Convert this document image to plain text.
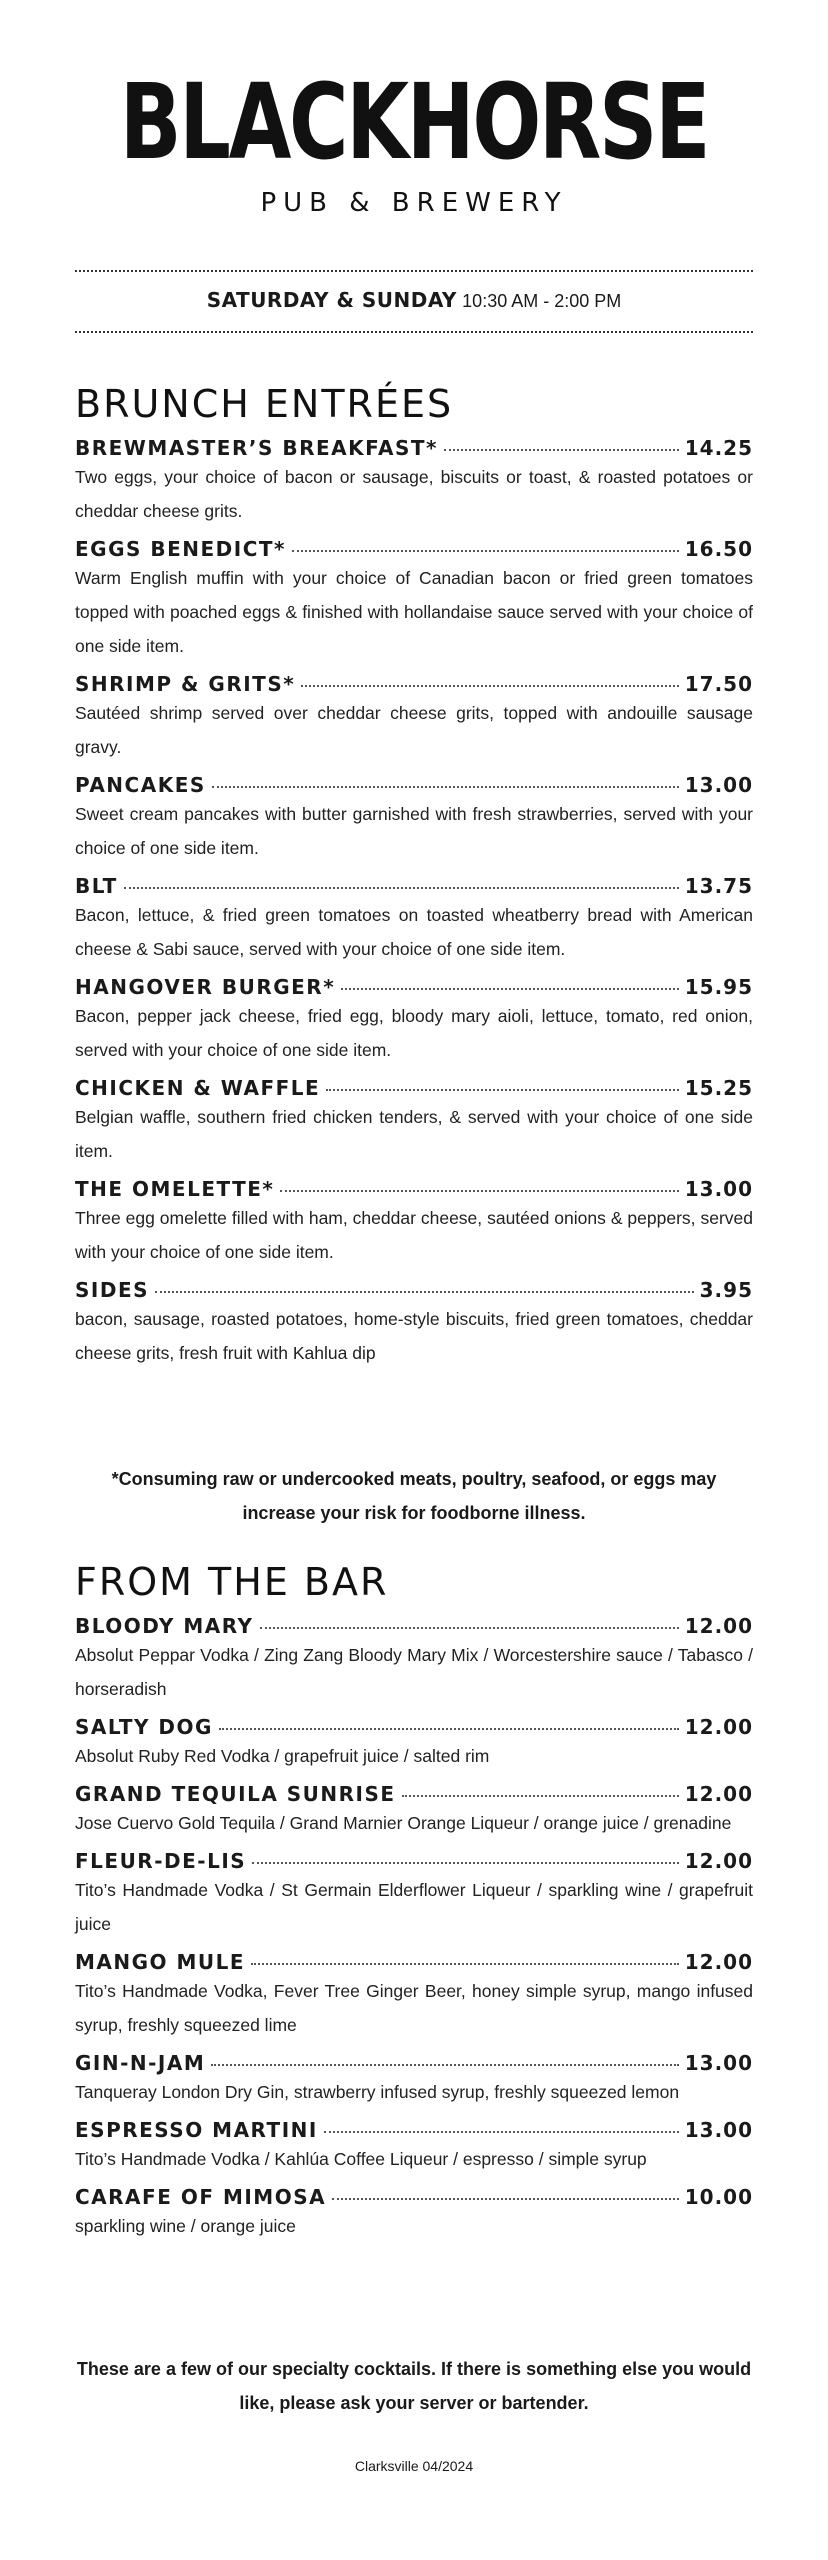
BLACKHORSE
PUB & BREWERY
SATURDAY & SUNDAY 10:30 AM - 2:00 PM
BRUNCH ENTRÉES
BREWMASTER’S BREAKFAST*	14.25
Two eggs, your choice of bacon or sausage, biscuits or toast, & roasted potatoes or cheddar cheese grits.
EGGS BENEDICT*	16.50
Warm English muffin with your choice of Canadian bacon or fried green tomatoes topped with poached eggs & finished with hollandaise sauce served with your choice of one side item.
SHRIMP & GRITS*	17.50
Sautéed shrimp served over cheddar cheese grits, topped with andouille sausage gravy.
PANCAKES	13.00
Sweet cream pancakes with butter garnished with fresh strawberries, served with your choice of one side item.
BLT	13.75
Bacon, lettuce, & fried green tomatoes on toasted wheatberry bread with American cheese & Sabi sauce, served with your choice of one side item.
HANGOVER BURGER*	15.95
Bacon, pepper jack cheese, fried egg, bloody mary aioli, lettuce, tomato, red onion, served with your choice of one side item.
CHICKEN & WAFFLE	15.25
Belgian waffle, southern fried chicken tenders, & served with your choice of one side item.
THE OMELETTE*	13.00
Three egg omelette filled with ham, cheddar cheese, sautéed onions & peppers, served with your choice of one side item.
SIDES	3.95
bacon, sausage, roasted potatoes, home-style biscuits, fried green tomatoes, cheddar cheese grits, fresh fruit with Kahlua dip
*Consuming raw or undercooked meats, poultry, seafood, or eggs may increase your risk for foodborne illness.
FROM THE BAR
BLOODY MARY	12.00
Absolut Peppar Vodka / Zing Zang Bloody Mary Mix / Worcestershire sauce / Tabasco / horseradish
SALTY DOG	12.00
Absolut Ruby Red Vodka / grapefruit juice / salted rim
GRAND TEQUILA SUNRISE	12.00
Jose Cuervo Gold Tequila / Grand Marnier Orange Liqueur / orange juice / grenadine
FLEUR-DE-LIS	12.00
Tito’s Handmade Vodka / St Germain Elderflower Liqueur / sparkling wine / grapefruit juice
MANGO MULE	12.00
Tito’s Handmade Vodka, Fever Tree Ginger Beer, honey simple syrup, mango infused syrup, freshly squeezed lime
GIN-N-JAM	13.00
Tanqueray London Dry Gin, strawberry infused syrup, freshly squeezed lemon
ESPRESSO MARTINI	13.00
Tito’s Handmade Vodka / Kahlúa Coffee Liqueur / espresso / simple syrup
CARAFE OF MIMOSA	10.00
sparkling wine / orange juice
These are a few of our specialty cocktails. If there is something else you would like, please ask your server or bartender.
Clarksville 04/2024
